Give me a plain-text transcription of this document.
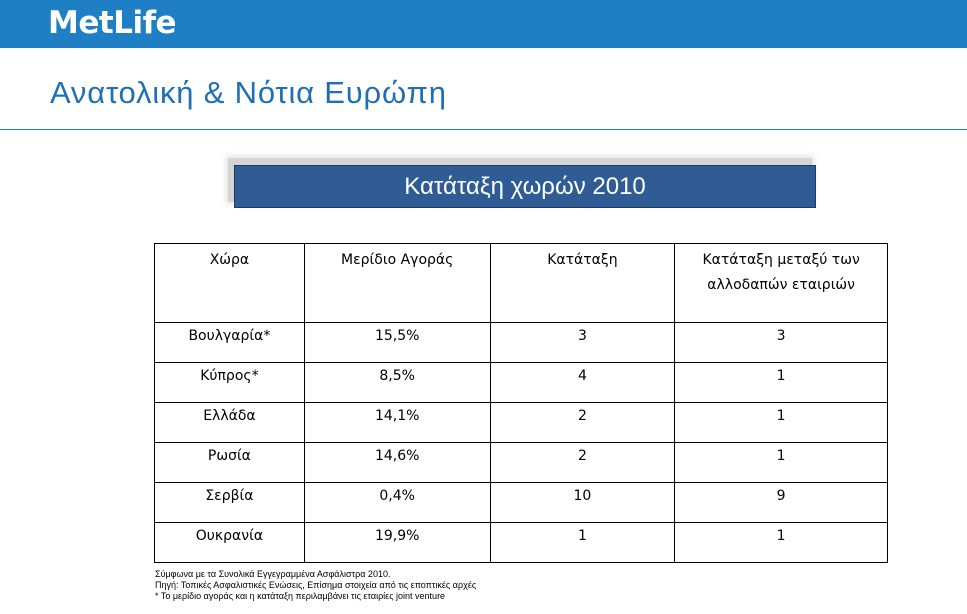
MetLife
Ανατολική & Νότια Ευρώπη
Κατάταξη χωρών 2010
Χώρα	Μερίδιο Αγοράς	Κατάταξη	Κατάταξη μεταξύ των αλλοδαπών εταιριών
Βουλγαρία*	15,5%	3	3
Κύπρος*	8,5%	4	1
Ελλάδα	14,1%	2	1
Ρωσία	14,6%	2	1
Σερβία	0,4%	10	9
Ουκρανία	19,9%	1	1
Σύμφωνα με τα Συνολικά Εγγεγραμμένα Ασφάλιστρα 2010.
Πηγή: Τοπικές Ασφαλιστικές Ενώσεις, Επίσημα στοιχεία από τις εποπτικές αρχές
* Το μερίδιο αγοράς και η κατάταξη περιλαμβάνει τις εταιρίες joint venture
